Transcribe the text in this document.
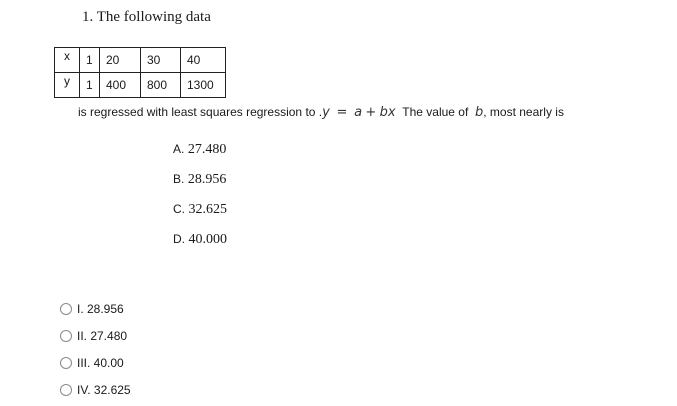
1. The following data
x	1	20	30	40
y	1	400	800	1300
is regressed with least squares regression to .y = a + bx The value of b, most nearly is
A. 27.480
B. 28.956
C. 32.625
D. 40.000
I. 28.956
II. 27.480
III. 40.00
IV. 32.625
